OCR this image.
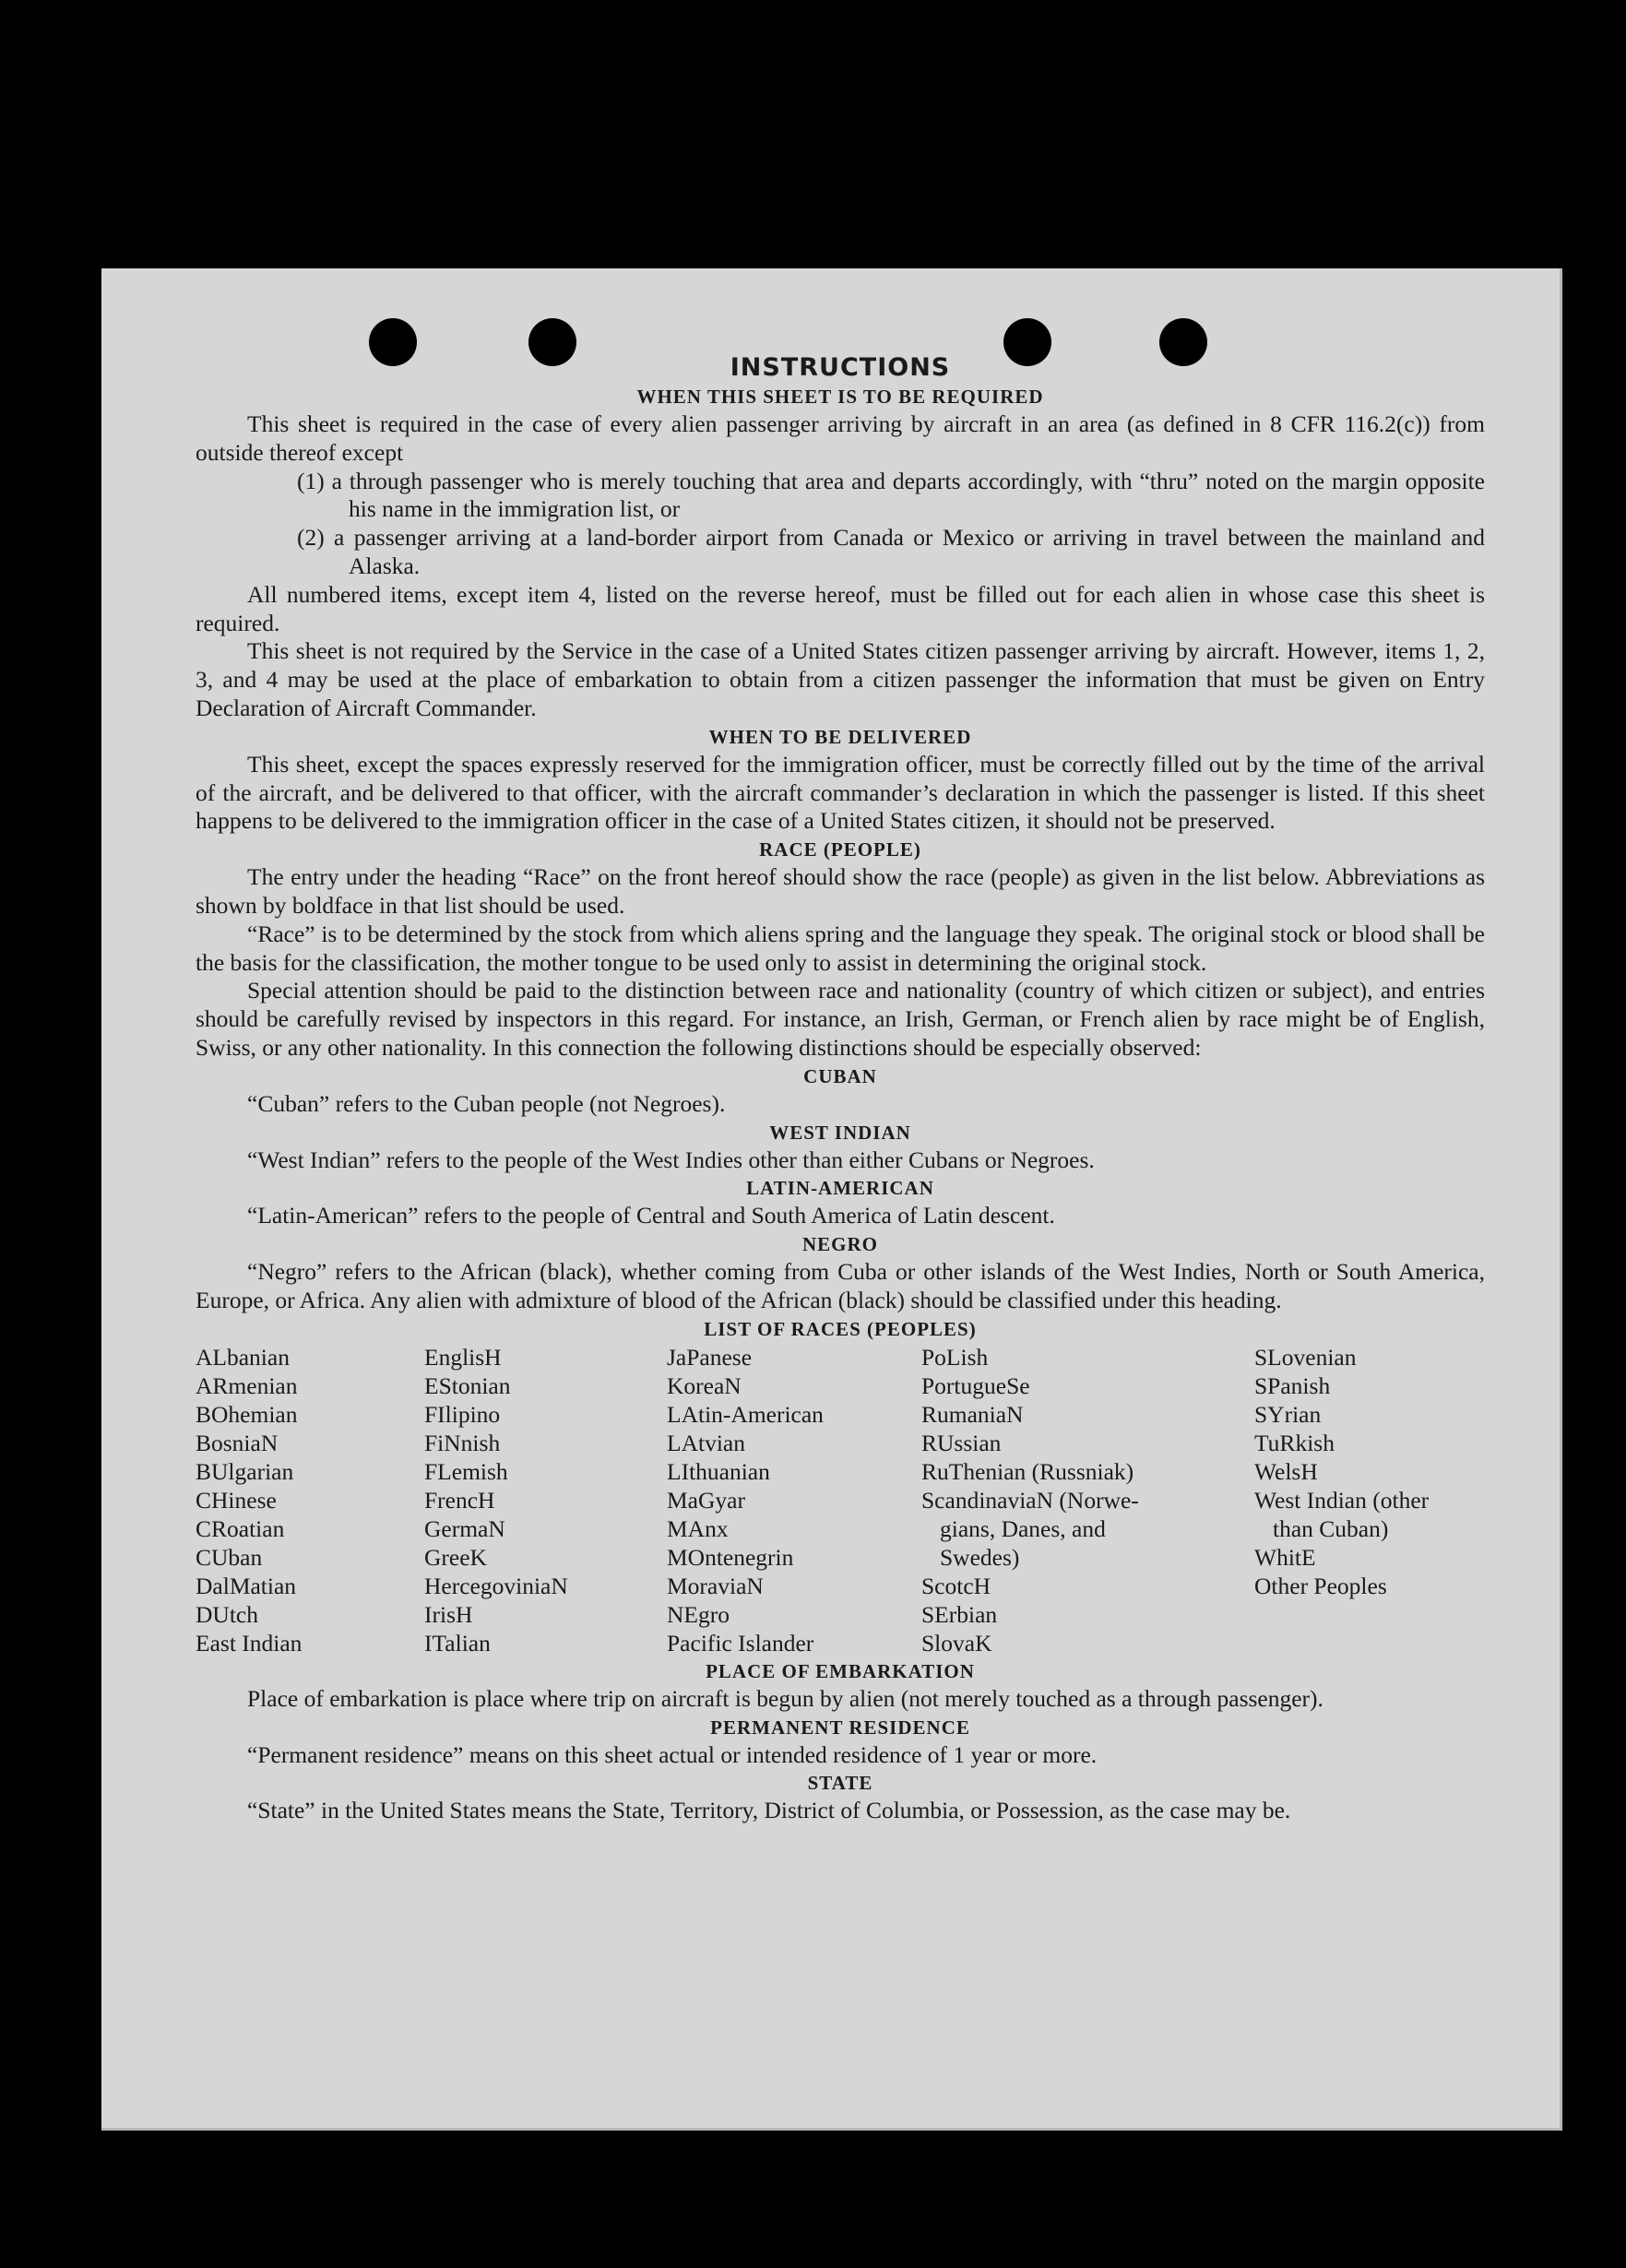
INSTRUCTIONS

WHEN THIS SHEET IS TO BE REQUIRED

This sheet is required in the case of every alien passenger arriving by aircraft in an area (as defined in 8 CFR 116.2(c)) from outside thereof except

(1) a through passenger who is merely touching that area and departs accordingly, with “thru” noted on the margin opposite his name in the immigration list, or

(2) a passenger arriving at a land-border airport from Canada or Mexico or arriving in travel between the mainland and Alaska.

All numbered items, except item 4, listed on the reverse hereof, must be filled out for each alien in whose case this sheet is required.

This sheet is not required by the Service in the case of a United States citizen passenger arriving by aircraft. However, items 1, 2, 3, and 4 may be used at the place of embarkation to obtain from a citizen passenger the information that must be given on Entry Declaration of Aircraft Commander.

WHEN TO BE DELIVERED

This sheet, except the spaces expressly reserved for the immigration officer, must be correctly filled out by the time of the arrival of the aircraft, and be delivered to that officer, with the aircraft commander’s declaration in which the passenger is listed. If this sheet happens to be delivered to the immigration officer in the case of a United States citizen, it should not be preserved.

RACE (PEOPLE)

The entry under the heading “Race” on the front hereof should show the race (people) as given in the list below. Abbreviations as shown by boldface in that list should be used.

“Race” is to be determined by the stock from which aliens spring and the language they speak. The original stock or blood shall be the basis for the classification, the mother tongue to be used only to assist in determining the original stock.

Special attention should be paid to the distinction between race and nationality (country of which citizen or subject), and entries should be carefully revised by inspectors in this regard. For instance, an Irish, German, or French alien by race might be of English, Swiss, or any other nationality. In this connection the following distinctions should be especially observed:

CUBAN

“Cuban” refers to the Cuban people (not Negroes).

WEST INDIAN

“West Indian” refers to the people of the West Indies other than either Cubans or Negroes.

LATIN-AMERICAN

“Latin-American” refers to the people of Central and South America of Latin descent.

NEGRO

“Negro” refers to the African (black), whether coming from Cuba or other islands of the West Indies, North or South America, Europe, or Africa. Any alien with admixture of blood of the African (black) should be classified under this heading.

LIST OF RACES (PEOPLES)

ALbanian
ARmenian
BOhemian
BosniaN
BUlgarian
CHinese
CRoatian
CUban
DalMatian
DUtch
East Indian
EnglisH
EStonian
FIlipino
FiNnish
FLemish
FrencH
GermaN
GreeK
HercegoviniaN
IrisH
ITalian
JaPanese
KoreaN
LAtin-American
LAtvian
LIthuanian
MaGyar
MAnx
MOntenegrin
MoraviaN
NEgro
Pacific Islander
PoLish
PortugueSe
RumaniaN
RUssian
RuThenian (Russniak)
ScandinaviaN (Norwe-
gians, Danes, and
Swedes)
ScotcH
SErbian
SlovaK
SLovenian
SPanish
SYrian
TuRkish
WelsH
West Indian (other
than Cuban)
WhitE
Other Peoples

PLACE OF EMBARKATION

Place of embarkation is place where trip on aircraft is begun by alien (not merely touched as a through passenger).

PERMANENT RESIDENCE

“Permanent residence” means on this sheet actual or intended residence of 1 year or more.

STATE

“State” in the United States means the State, Territory, District of Columbia, or Possession, as the case may be.
